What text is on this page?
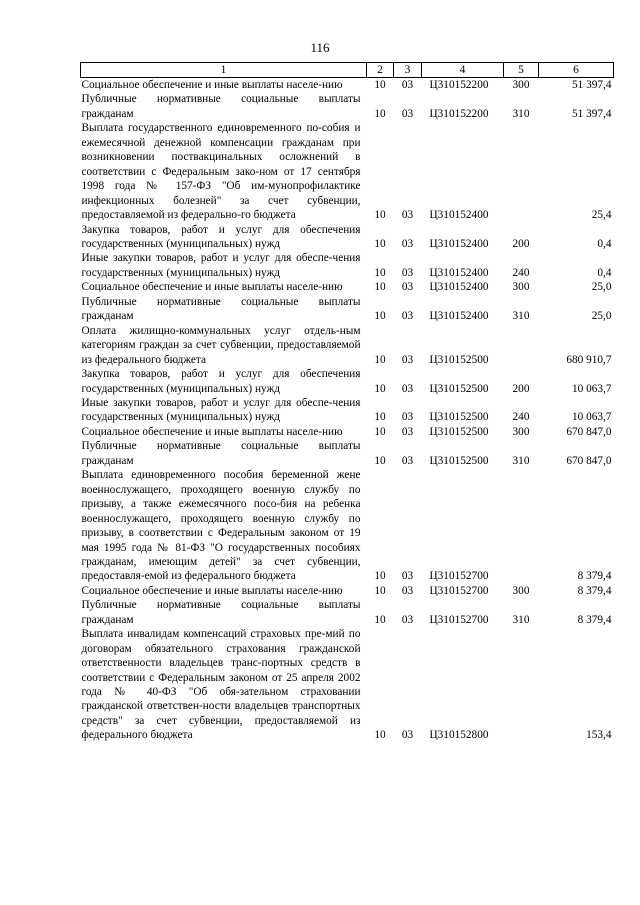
116
1	2	3	4	5	6
Социальное обеспечение и иные выплаты населе-нию	10	03	Ц310152200	300	51 397,4
Публичные нормативные социальные выплаты гражданам	10	03	Ц310152200	310	51 397,4
Выплата государственного единовременного по-собия и ежемесячной денежной компенсации гражданам при возникновении поствакцинальных осложнений в соответствии с Федеральным зако-ном от 17 сентября 1998 года № 157-ФЗ "Об им-мунопрофилактике инфекционных болезней" за счет субвенции, предоставляемой из федерально-го бюджета	10	03	Ц310152400		25,4
Закупка товаров, работ и услуг для обеспечения государственных (муниципальных) нужд	10	03	Ц310152400	200	0,4
Иные закупки товаров, работ и услуг для обеспе-чения государственных (муниципальных) нужд	10	03	Ц310152400	240	0,4
Социальное обеспечение и иные выплаты населе-нию	10	03	Ц310152400	300	25,0
Публичные нормативные социальные выплаты гражданам	10	03	Ц310152400	310	25,0
Оплата жилищно-коммунальных услуг отдель-ным категориям граждан за счет субвенции, предоставляемой из федерального бюджета	10	03	Ц310152500		680 910,7
Закупка товаров, работ и услуг для обеспечения государственных (муниципальных) нужд	10	03	Ц310152500	200	10 063,7
Иные закупки товаров, работ и услуг для обеспе-чения государственных (муниципальных) нужд	10	03	Ц310152500	240	10 063,7
Социальное обеспечение и иные выплаты населе-нию	10	03	Ц310152500	300	670 847,0
Публичные нормативные социальные выплаты гражданам	10	03	Ц310152500	310	670 847,0
Выплата единовременного пособия беременной жене военнослужащего, проходящего военную службу по призыву, а также ежемесячного посо-бия на ребенка военнослужащего, проходящего военную службу по призыву, в соответствии с Федеральным законом от 19 мая 1995 года № 81-ФЗ "О государственных пособиях гражданам, имеющим детей" за счет субвенции, предоставля-емой из федерального бюджета	10	03	Ц310152700		8 379,4
Социальное обеспечение и иные выплаты населе-нию	10	03	Ц310152700	300	8 379,4
Публичные нормативные социальные выплаты гражданам	10	03	Ц310152700	310	8 379,4
Выплата инвалидам компенсаций страховых пре-мий по договорам обязательного страхования гражданской ответственности владельцев транс-портных средств в соответствии с Федеральным законом от 25 апреля 2002 года № 40-ФЗ "Об обя-зательном страховании гражданской ответствен-ности владельцев транспортных средств" за счет субвенции, предоставляемой из федерального бюджета	10	03	Ц310152800		153,4
